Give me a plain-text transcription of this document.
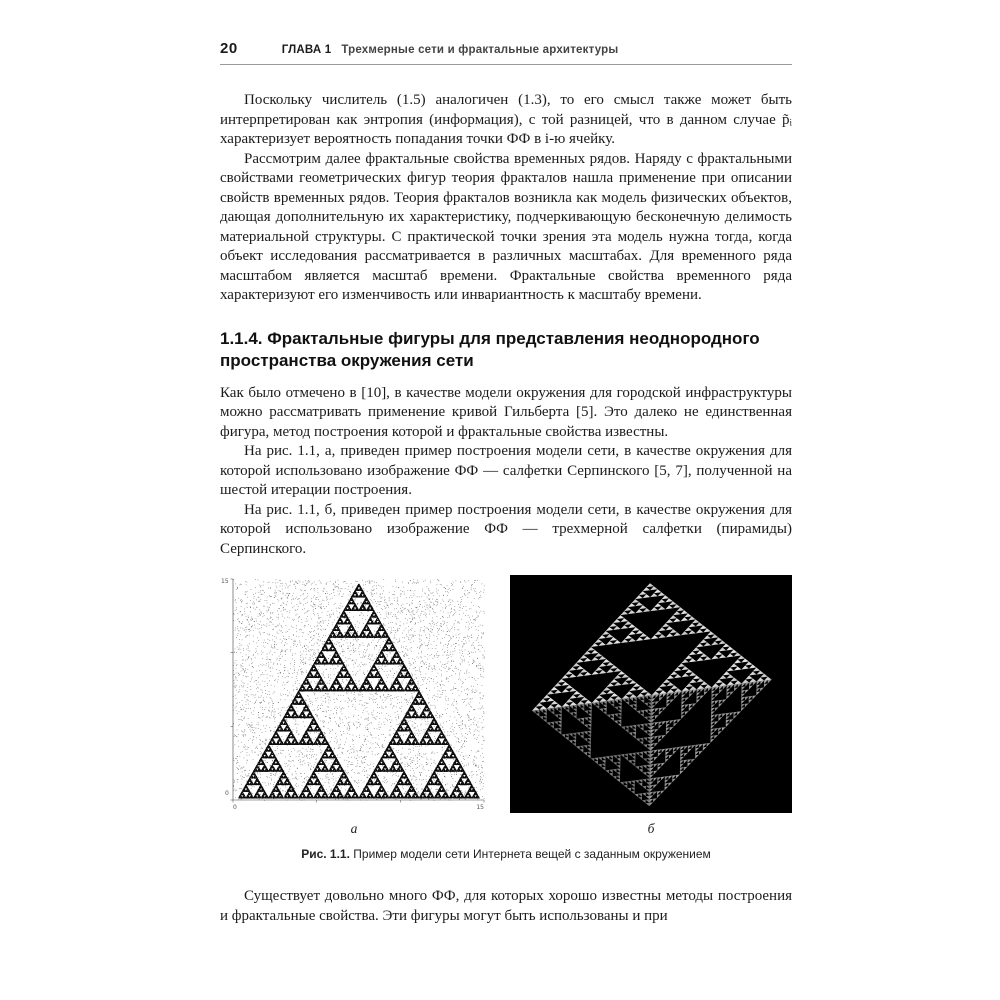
20	ГЛАВА 1 Трехмерные сети и фрактальные архитектуры

Поскольку числитель (1.5) аналогичен (1.3), то его смысл также может быть интерпретирован как энтропия (информация), с той разницей, что в данном случае p̃ᵢ характеризует вероятность попадания точки ФФ в i-ю ячейку.

Рассмотрим далее фрактальные свойства временных рядов. Наряду с фрактальными свойствами геометрических фигур теория фракталов нашла применение при описании свойств временных рядов. Теория фракталов возникла как модель физических объектов, дающая дополнительную их характеристику, подчеркивающую бесконечную делимость материальной структуры. С практической точки зрения эта модель нужна тогда, когда объект исследования рассматривается в различных масштабах. Для временного ряда масштабом является масштаб времени. Фрактальные свойства временного ряда характеризуют его изменчивость или инвариантность к масштабу времени.

1.1.4. Фрактальные фигуры для представления неоднородного пространства окружения сети

Как было отмечено в [10], в качестве модели окружения для городской инфраструктуры можно рассматривать применение кривой Гильберта [5]. Это далеко не единственная фигура, метод построения которой и фрактальные свойства известны.

На рис. 1.1, а, приведен пример построения модели сети, в качестве окружения для которой использовано изображение ФФ — салфетки Серпинского [5, 7], полученной на шестой итерации построения.

На рис. 1.1, б, приведен пример построения модели сети, в качестве окружения для которой использовано изображение ФФ — трехмерной салфетки (пирамиды) Серпинского.

15
0
0	15
а	б
Рис. 1.1. Пример модели сети Интернета вещей с заданным окружением

Существует довольно много ФФ, для которых хорошо известны методы построения и фрактальные свойства. Эти фигуры могут быть использованы и при
